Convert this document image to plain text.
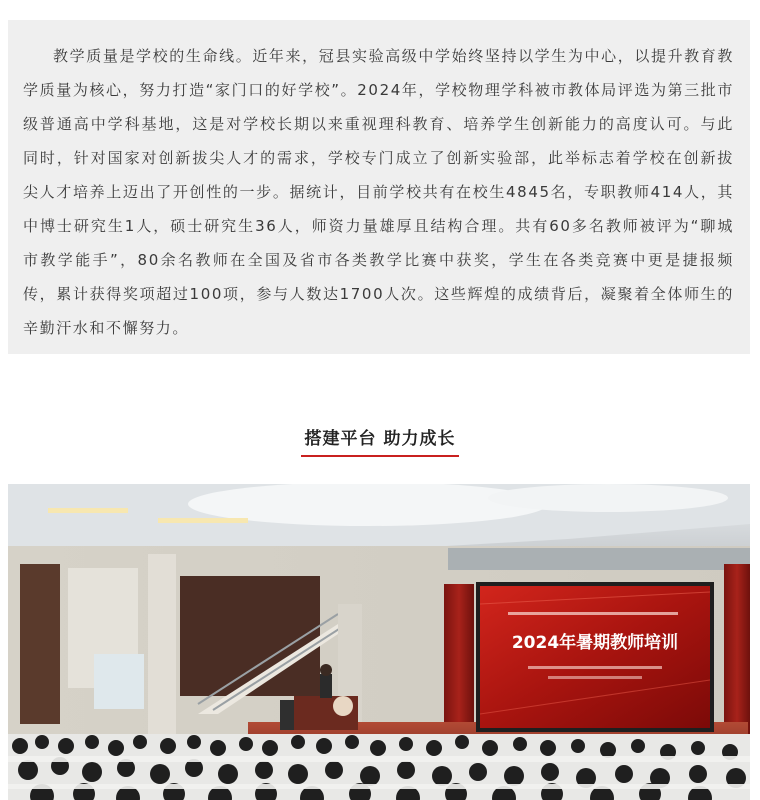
教学质量是学校的生命线。近年来，冠县实验高级中学始终坚持以学生为中心，以提升教育教学质量为核心，努力打造“家门口的好学校”。2024年，学校物理学科被市教体局评选为第三批市级普通高中学科基地，这是对学校长期以来重视理科教育、培养学生创新能力的高度认可。与此同时，针对国家对创新拔尖人才的需求，学校专门成立了创新实验部，此举标志着学校在创新拔尖人才培养上迈出了开创性的一步。据统计，目前学校共有在校生4845名，专职教师414人，其中博士研究生1人，硕士研究生36人，师资力量雄厚且结构合理。共有60多名教师被评为“聊城市教学能手”，80余名教师在全国及省市各类教学比赛中获奖，学生在各类竞赛中更是捷报频传，累计获得奖项超过100项，参与人数达1700人次。这些辉煌的成绩背后，凝聚着全体师生的辛勤汗水和不懈努力。

搭建平台 助力成长
2024年暑期教师培训
